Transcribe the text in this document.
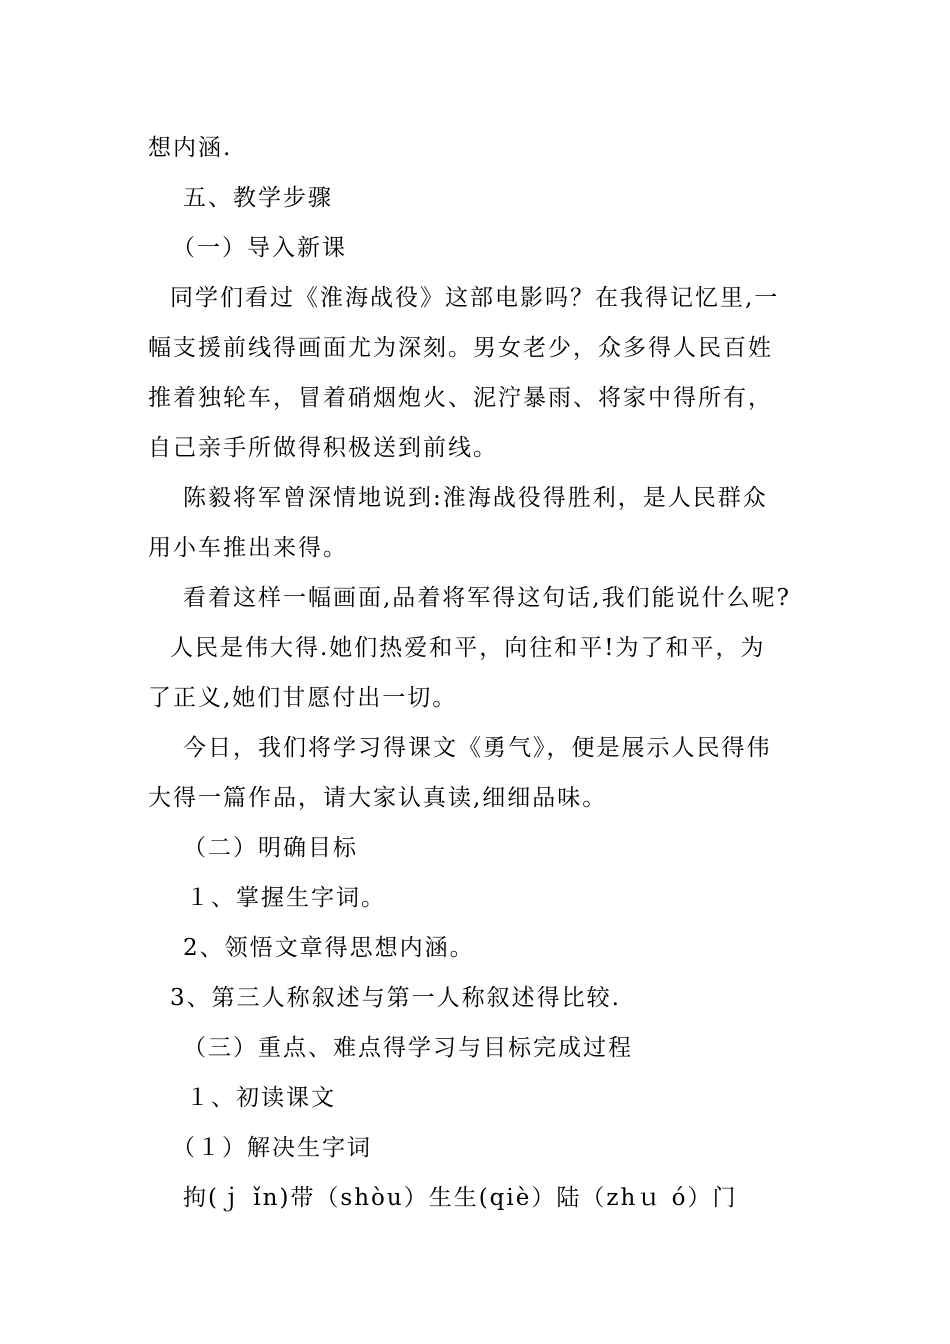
想内涵.
五、教学步骤
（一）导入新课
同学们看过《淮海战役》这部电影吗？在我得记忆里,一
幅支援前线得画面尤为深刻。男女老少，众多得人民百姓
推着独轮车，冒着硝烟炮火、泥泞暴雨、将家中得所有，
自己亲手所做得积极送到前线。
陈毅将军曾深情地说到:淮海战役得胜利，是人民群众
用小车推出来得。
看着这样一幅画面,品着将军得这句话,我们能说什么呢?
人民是伟大得.她们热爱和平，向往和平!为了和平，为
了正义,她们甘愿付出一切。
今日，我们将学习得课文《勇气》，便是展示人民得伟
大得一篇作品，请大家认真读,细细品味。
（二）明确目标
１、掌握生字词。
2、领悟文章得思想内涵。
3、第三人称叙述与第一人称叙述得比较.
（三）重点、难点得学习与目标完成过程
１、初读课文
（１）解决生字词
拘(ｊ ǐn)带（shòu）生生(qiè）陆（zhｕ ó）门
